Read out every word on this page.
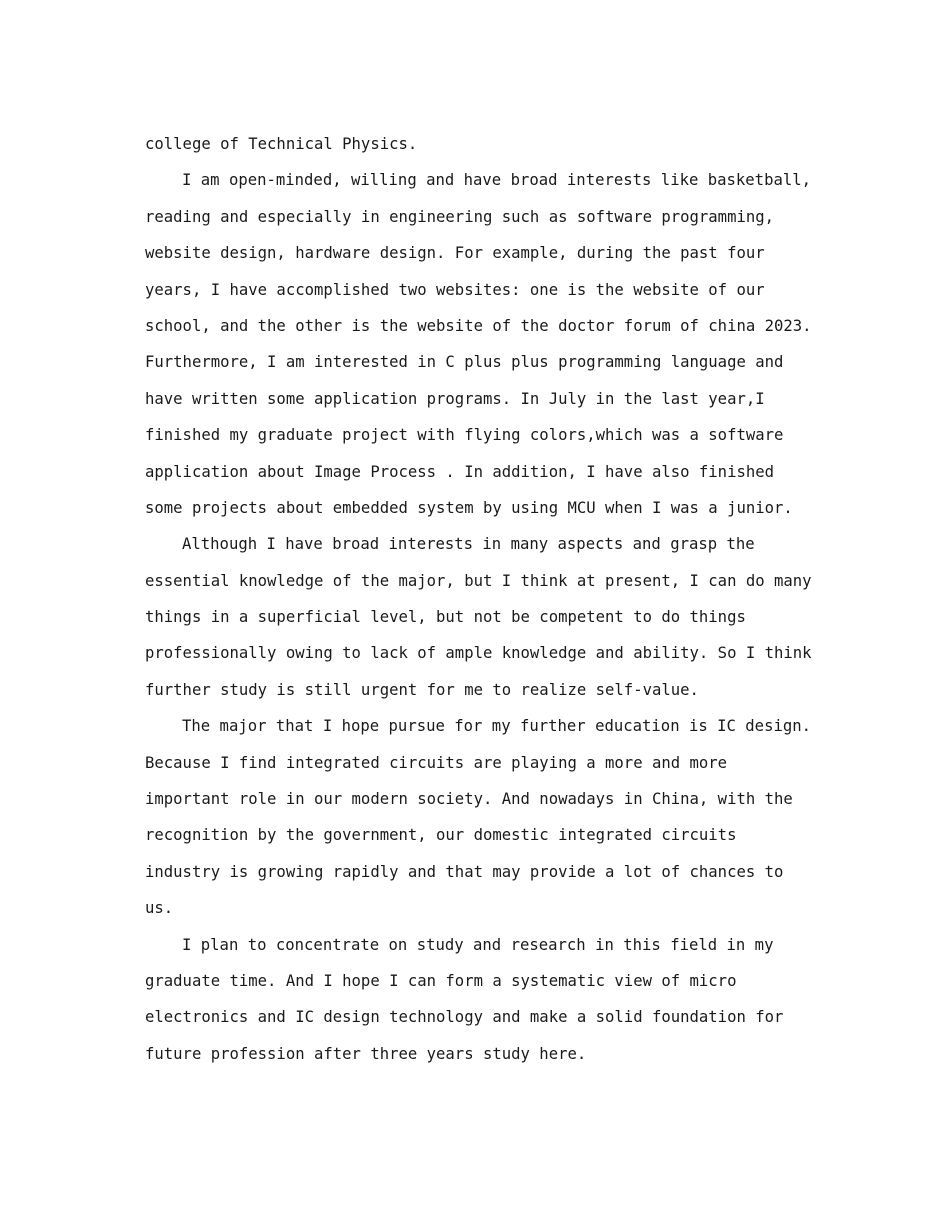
college of Technical Physics.
I am open-minded, willing and have broad interests like basketball,
reading and especially in engineering such as software programming,
website design, hardware design. For example, during the past four
years, I have accomplished two websites: one is the website of our
school, and the other is the website of the doctor forum of china 2023.
Furthermore, I am interested in C plus plus programming language and
have written some application programs. In July in the last year,I
finished my graduate project with flying colors,which was a software
application about Image Process . In addition, I have also finished
some projects about embedded system by using MCU when I was a junior.
Although I have broad interests in many aspects and grasp the
essential knowledge of the major, but I think at present, I can do many
things in a superficial level, but not be competent to do things
professionally owing to lack of ample knowledge and ability. So I think
further study is still urgent for me to realize self-value.
The major that I hope pursue for my further education is IC design.
Because I find integrated circuits are playing a more and more
important role in our modern society. And nowadays in China, with the
recognition by the government, our domestic integrated circuits
industry is growing rapidly and that may provide a lot of chances to
us.
I plan to concentrate on study and research in this field in my
graduate time. And I hope I can form a systematic view of micro
electronics and IC design technology and make a solid foundation for
future profession after three years study here.
